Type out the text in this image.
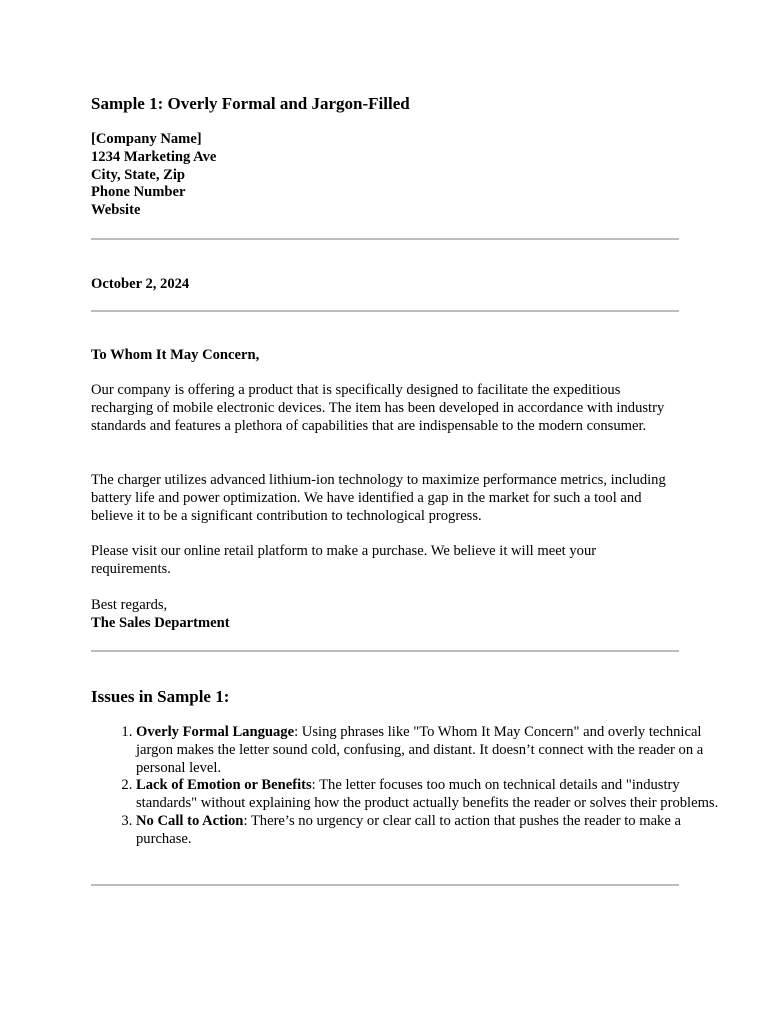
Sample 1: Overly Formal and Jargon-Filled
[Company Name]
1234 Marketing Ave
City, State, Zip
Phone Number
Website
October 2, 2024
To Whom It May Concern,

Our company is offering a product that is specifically designed to facilitate the expeditious recharging of mobile electronic devices. The item has been developed in accordance with industry standards and features a plethora of capabilities that are indispensable to the modern consumer.

The charger utilizes advanced lithium-ion technology to maximize performance metrics, including battery life and power optimization. We have identified a gap in the market for such a tool and believe it to be a significant contribution to technological progress.

Please visit our online retail platform to make a purchase. We believe it will meet your requirements.

Best regards,
The Sales Department
Issues in Sample 1:
1. Overly Formal Language: Using phrases like "To Whom It May Concern" and overly technical jargon makes the letter sound cold, confusing, and distant. It doesn’t connect with the reader on a personal level.
2. Lack of Emotion or Benefits: The letter focuses too much on technical details and "industry standards" without explaining how the product actually benefits the reader or solves their problems.
3. No Call to Action: There’s no urgency or clear call to action that pushes the reader to make a purchase.
